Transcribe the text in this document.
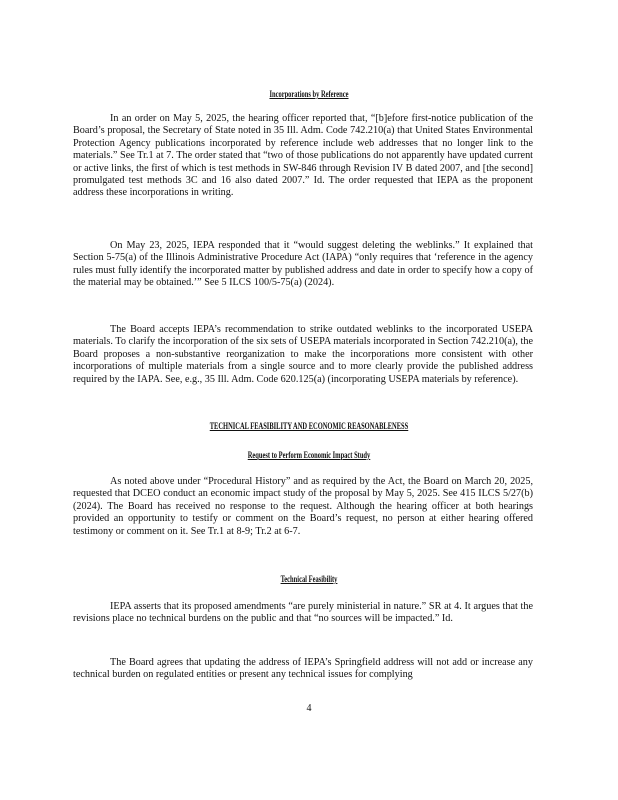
Incorporations by Reference

In an order on May 5, 2025, the hearing officer reported that, “[b]efore first-notice publication of the Board’s proposal, the Secretary of State noted in 35 Ill. Adm. Code 742.210(a) that United States Environmental Protection Agency publications incorporated by reference include web addresses that no longer link to the materials.” See Tr.1 at 7. The order stated that “two of those publications do not apparently have updated current or active links, the first of which is test methods in SW-846 through Revision IV B dated 2007, and [the second] promulgated test methods 3C and 16 also dated 2007.” Id. The order requested that IEPA as the proponent address these incorporations in writing.

On May 23, 2025, IEPA responded that it “would suggest deleting the weblinks.” It explained that Section 5-75(a) of the Illinois Administrative Procedure Act (IAPA) “only requires that ‘reference in the agency rules must fully identify the incorporated matter by published address and date in order to specify how a copy of the material may be obtained.’” See 5 ILCS 100/5-75(a) (2024).

The Board accepts IEPA’s recommendation to strike outdated weblinks to the incorporated USEPA materials. To clarify the incorporation of the six sets of USEPA materials incorporated in Section 742.210(a), the Board proposes a non-substantive reorganization to make the incorporations more consistent with other incorporations of multiple materials from a single source and to more clearly provide the published address required by the IAPA. See, e.g., 35 Ill. Adm. Code 620.125(a) (incorporating USEPA materials by reference).

TECHNICAL FEASIBILITY AND ECONOMIC REASONABLENESS
Request to Perform Economic Impact Study

As noted above under “Procedural History” and as required by the Act, the Board on March 20, 2025, requested that DCEO conduct an economic impact study of the proposal by May 5, 2025. See 415 ILCS 5/27(b) (2024). The Board has received no response to the request. Although the hearing officer at both hearings provided an opportunity to testify or comment on the Board’s request, no person at either hearing offered testimony or comment on it. See Tr.1 at 8-9; Tr.2 at 6-7.

Technical Feasibility

IEPA asserts that its proposed amendments “are purely ministerial in nature.” SR at 4. It argues that the revisions place no technical burdens on the public and that “no sources will be impacted.” Id.

The Board agrees that updating the address of IEPA’s Springfield address will not add or increase any technical burden on regulated entities or present any technical issues for complying

4
